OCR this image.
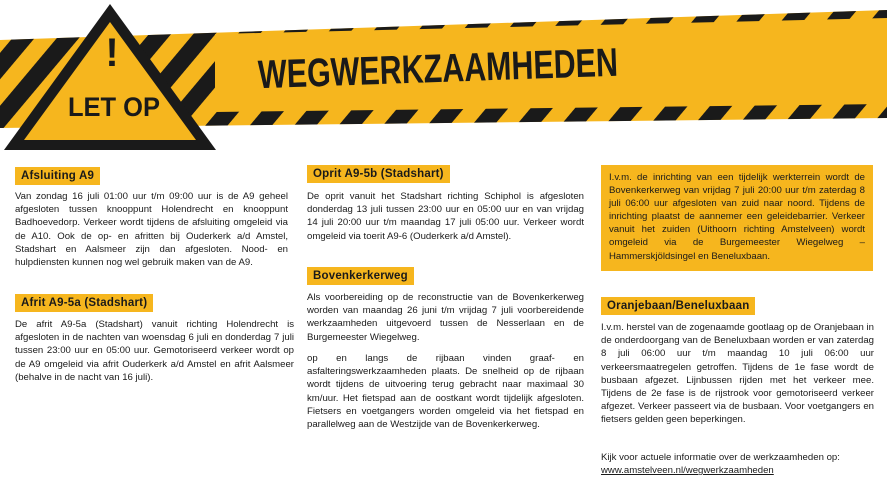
WEGWERKZAAMHEDEN
!
LET OP
Afsluiting A9

Van zondag 16 juli 01:00 uur t/m 09:00 uur is de A9 geheel afgesloten tussen knooppunt Holendrecht en knooppunt Badhoevedorp. Verkeer wordt tijdens de afsluiting omgeleid via de A10. Ook de op- en afritten bij Ouderkerk a/d Amstel, Stadshart en Aalsmeer zijn dan afgesloten. Nood- en hulpdiensten kunnen nog wel gebruik maken van de A9.

Afrit A9-5a (Stadshart)

De afrit A9-5a (Stadshart) vanuit richting Holendrecht is afgesloten in de nachten van woensdag 6 juli en donderdag 7 juli tussen 23:00 uur en 05:00 uur. Gemotoriseerd verkeer wordt op de A9 omgeleid via afrit Ouderkerk a/d Amstel en afrit Aalsmeer (behalve in de nacht van 16 juli).

Oprit A9-5b (Stadshart)

De oprit vanuit het Stadshart richting Schiphol is afgesloten donderdag 13 juli tussen 23:00 uur en 05:00 uur en van vrijdag 14 juli 20:00 uur t/m maandag 17 juli 05:00 uur. Verkeer wordt omgeleid via toerit A9-6 (Ouderkerk a/d Amstel).

Bovenkerkerweg

Als voorbereiding op de reconstructie van de Bovenkerkerweg worden van maandag 26 juni t/m vrijdag 7 juli voorbereidende werkzaamheden uitgevoerd tussen de Nesserlaan en de Burgemeester Wiegelweg.

op en langs de rijbaan vinden graaf- en asfalteringswerkzaamheden plaats. De snelheid op de rijbaan wordt tijdens de uitvoering terug gebracht naar maximaal 30 km/uur. Het fietspad aan de oostkant wordt tijdelijk afgesloten. Fietsers en voetgangers worden omgeleid via het fietspad en parallelweg aan de Westzijde van de Bovenkerkerweg.

I.v.m. de inrichting van een tijdelijk werkterrein wordt de Bovenkerkerweg van vrijdag 7 juli 20:00 uur t/m zaterdag 8 juli 06:00 uur afgesloten van zuid naar noord. Tijdens de inrichting plaatst de aannemer een geleidebarrier. Verkeer vanuit het zuiden (Uithoorn richting Amstelveen) wordt omgeleid via de Burgemeester Wiegelweg – Hammerskjöldsingel en Beneluxbaan.

Oranjebaan/Beneluxbaan

I.v.m. herstel van de zogenaamde gootlaag op de Oranjebaan in de onderdoorgang van de Beneluxbaan worden er van zaterdag 8 juli 06:00 uur t/m maandag 10 juli 06:00 uur verkeersmaatregelen getroffen. Tijdens de 1e fase wordt de busbaan afgezet. Lijnbussen rijden met het verkeer mee. Tijdens de 2e fase is de rijstrook voor gemotoriseerd verkeer afgezet. Verkeer passeert via de busbaan. Voor voetgangers en fietsers gelden geen beperkingen.

Kijk voor actuele informatie over de werkzaamheden op:
www.amstelveen.nl/wegwerkzaamheden
